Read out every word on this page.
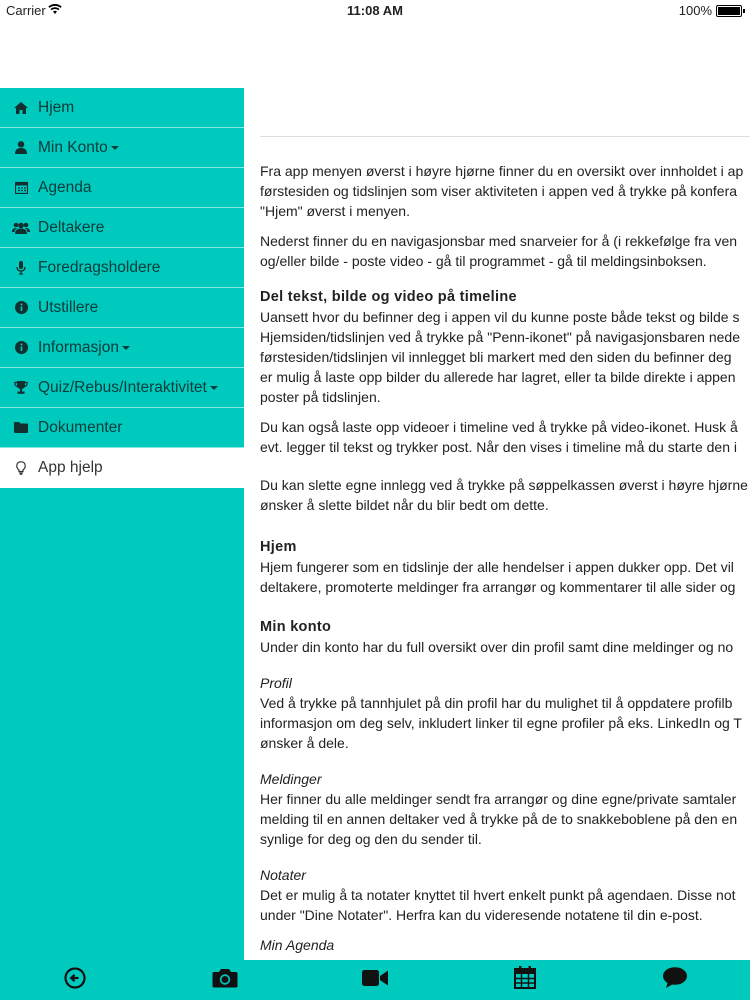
Carrier	11:08 AM	100%
Hjem
Min Konto
Agenda
Deltakere
Foredragsholdere
Utstillere
Informasjon
Quiz/Rebus/Interaktivitet
Dokumenter
App hjelp

Fra app menyen øverst i høyre hjørne finner du en oversikt over innholdet i ap
førstesiden og tidslinjen som viser aktiviteten i appen ved å trykke på konfera
"Hjem" øverst i menyen.

Nederst finner du en navigasjonsbar med snarveier for å (i rekkefølge fra ven
og/eller bilde - poste video - gå til programmet - gå til meldingsinboksen.

Del tekst, bilde og video på timeline

Uansett hvor du befinner deg i appen vil du kunne poste både tekst og bilde s
Hjemsiden/tidslinjen ved å trykke på "Penn-ikonet" på navigasjonsbaren nede
førstesiden/tidslinjen vil innlegget bli markert med den siden du befinner deg
er mulig å laste opp bilder du allerede har lagret, eller ta bilde direkte i appen
poster på tidslinjen.

Du kan også laste opp videoer i timeline ved å trykke på video-ikonet. Husk å
evt. legger til tekst og trykker post. Når den vises i timeline må du starte den i

Du kan slette egne innlegg ved å trykke på søppelkassen øverst i høyre hjørne
ønsker å slette bildet når du blir bedt om dette.

Hjem

Hjem fungerer som en tidslinje der alle hendelser i appen dukker opp. Det vil
deltakere, promoterte meldinger fra arrangør og kommentarer til alle sider og

Min konto

Under din konto har du full oversikt over din profil samt dine meldinger og no

Profil

Ved å trykke på tannhjulet på din profil har du mulighet til å oppdatere profilb
informasjon om deg selv, inkludert linker til egne profiler på eks. LinkedIn og T
ønsker å dele.

Meldinger

Her finner du alle meldinger sendt fra arrangør og dine egne/private samtaler
melding til en annen deltaker ved å trykke på de to snakkeboblene på den en
synlige for deg og den du sender til.

Notater

Det er mulig å ta notater knyttet til hvert enkelt punkt på agendaen. Disse not
under "Dine Notater". Herfra kan du videresende notatene til din e-post.

Min Agenda
